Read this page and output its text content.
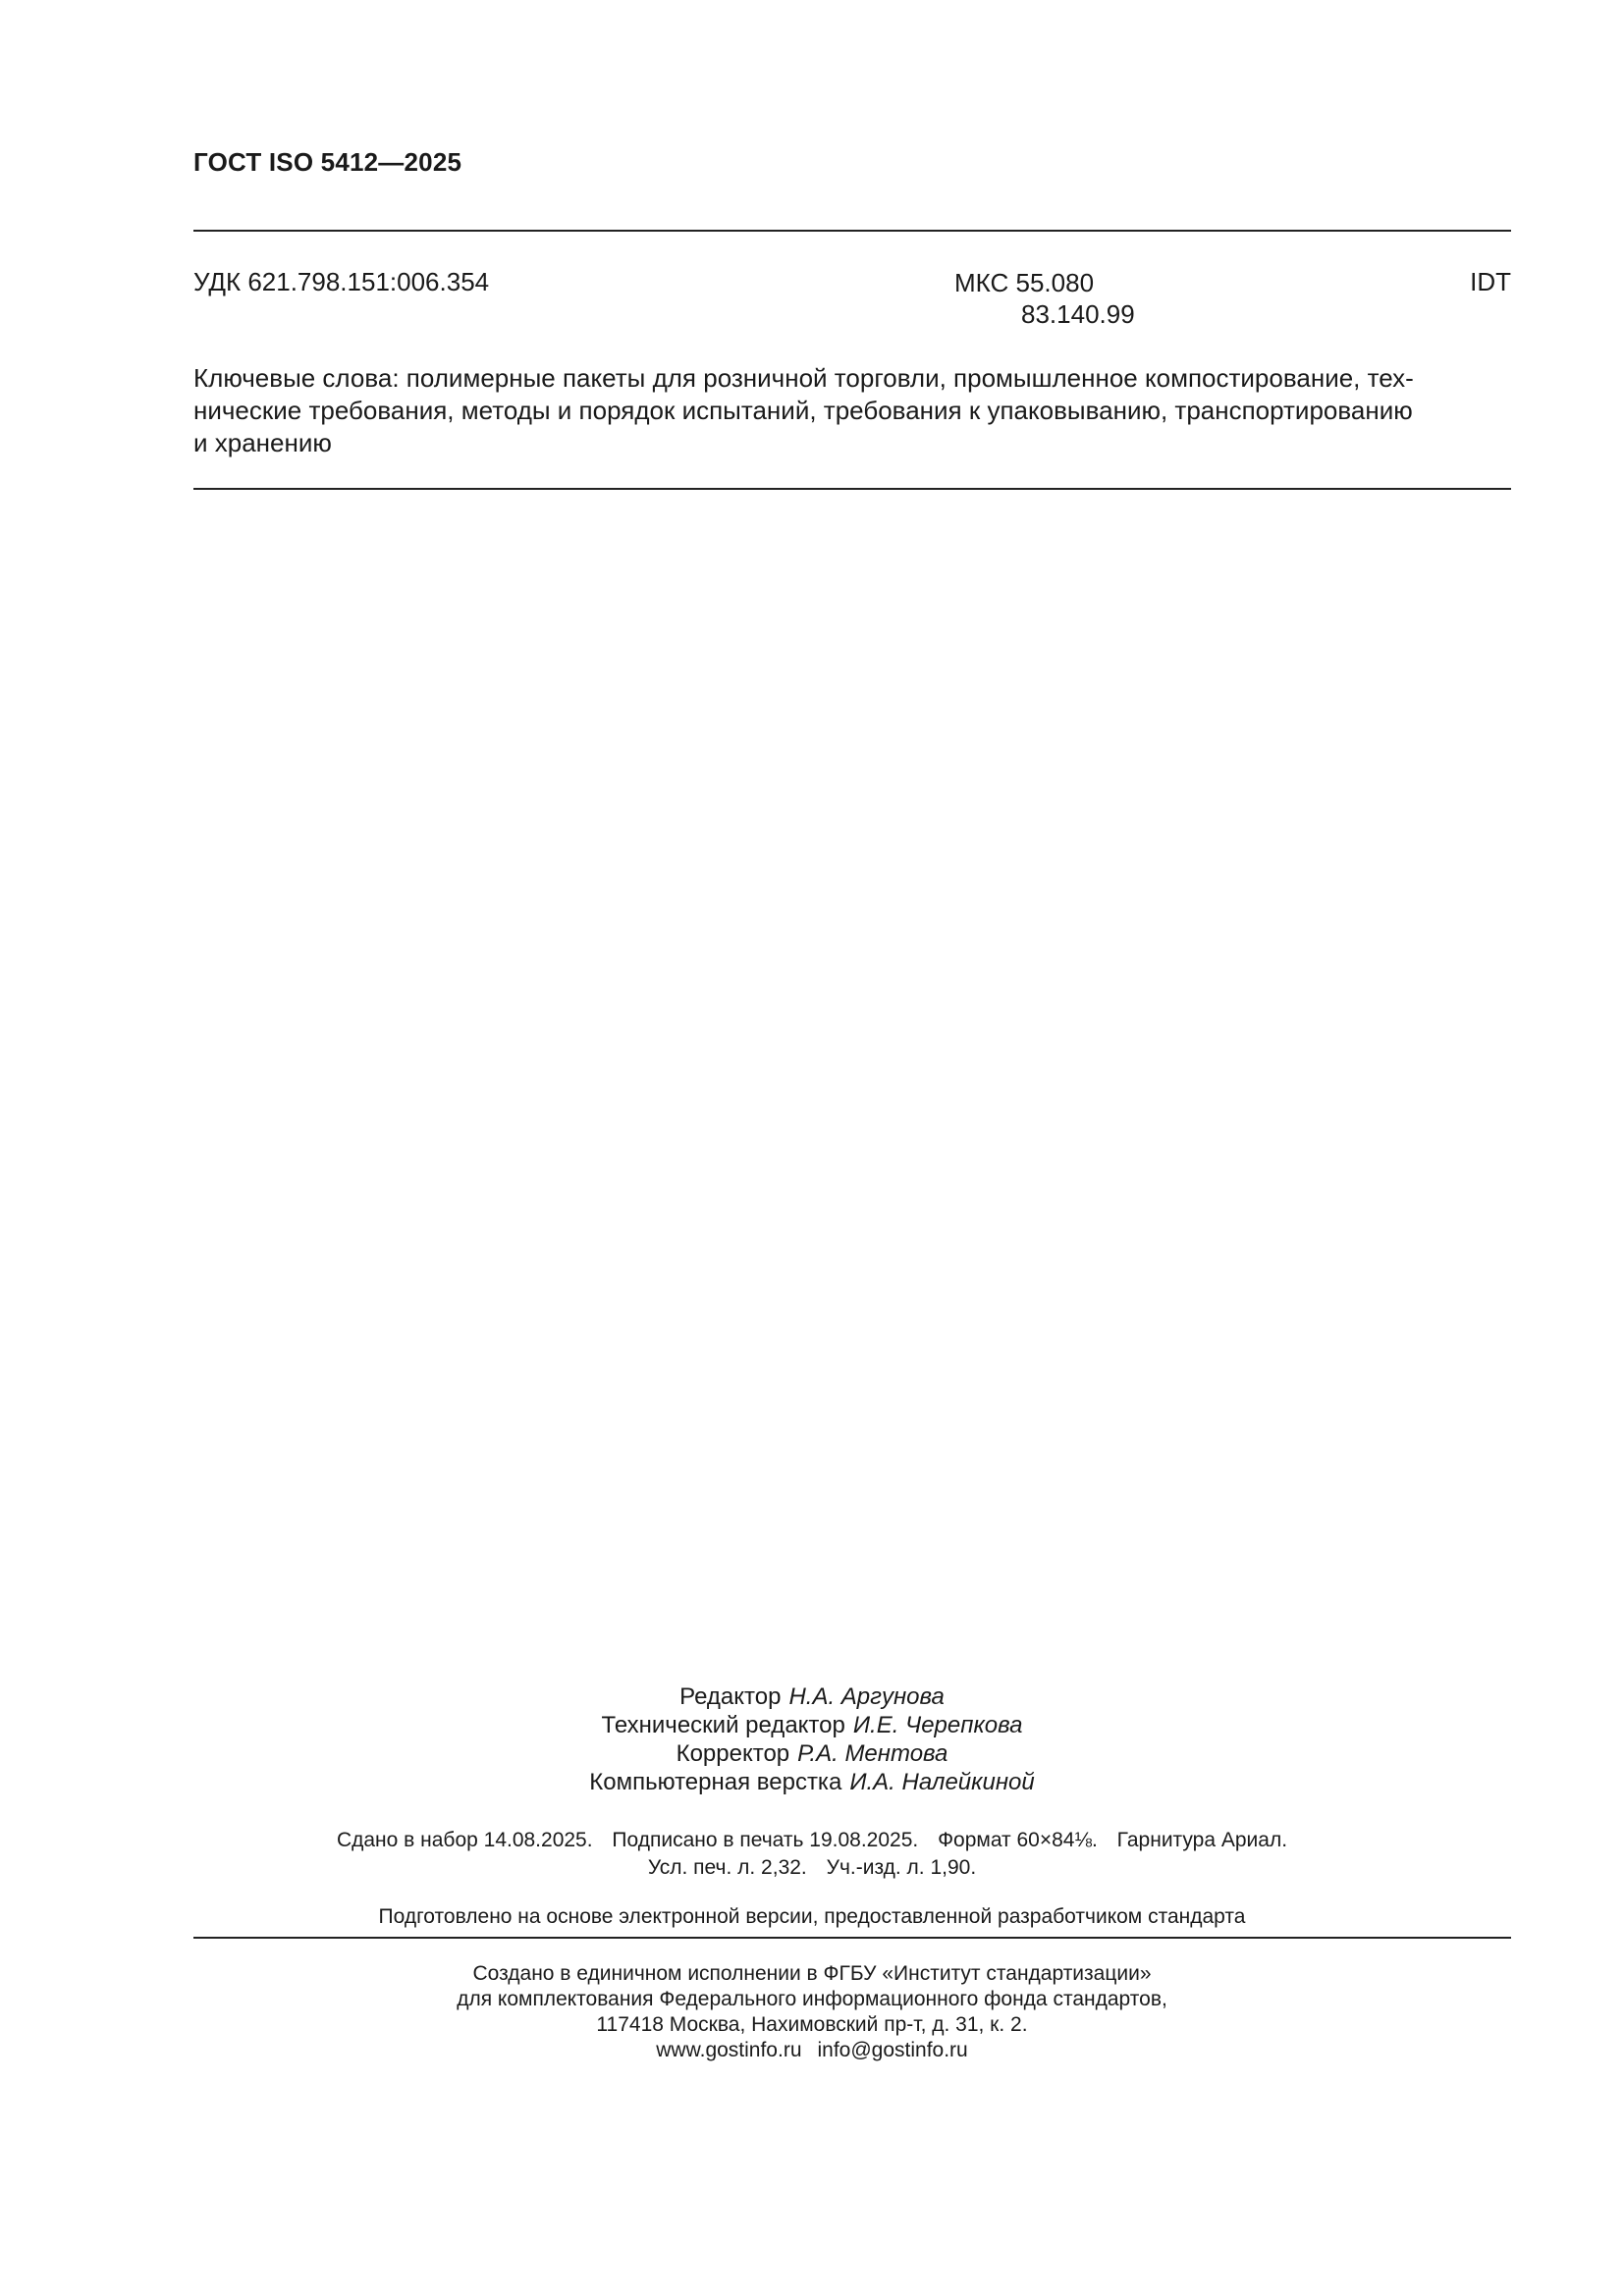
ГОСТ ISO 5412—2025
УДК 621.798.151:006.354	МКС 55.080
83.140.99
IDT
Ключевые слова: полимерные пакеты для розничной торговли, промышленное компостирование, тех-
нические требования, методы и порядок испытаний, требования к упаковыванию, транспортированию
и хранению
Редактор Н.А. Аргунова
Технический редактор И.Е. Черепкова
Корректор Р.А. Ментова
Компьютерная верстка И.А. Налейкиной
Сдано в набор 14.08.2025. Подписано в печать 19.08.2025. Формат 60×84⅛. Гарнитура Ариал.
Усл. печ. л. 2,32. Уч.-изд. л. 1,90.
Подготовлено на основе электронной версии, предоставленной разработчиком стандарта
Создано в единичном исполнении в ФГБУ «Институт стандартизации»
для комплектования Федерального информационного фонда стандартов,
117418 Москва, Нахимовский пр-т, д. 31, к. 2.
www.gostinfo.ru info@gostinfo.ru
